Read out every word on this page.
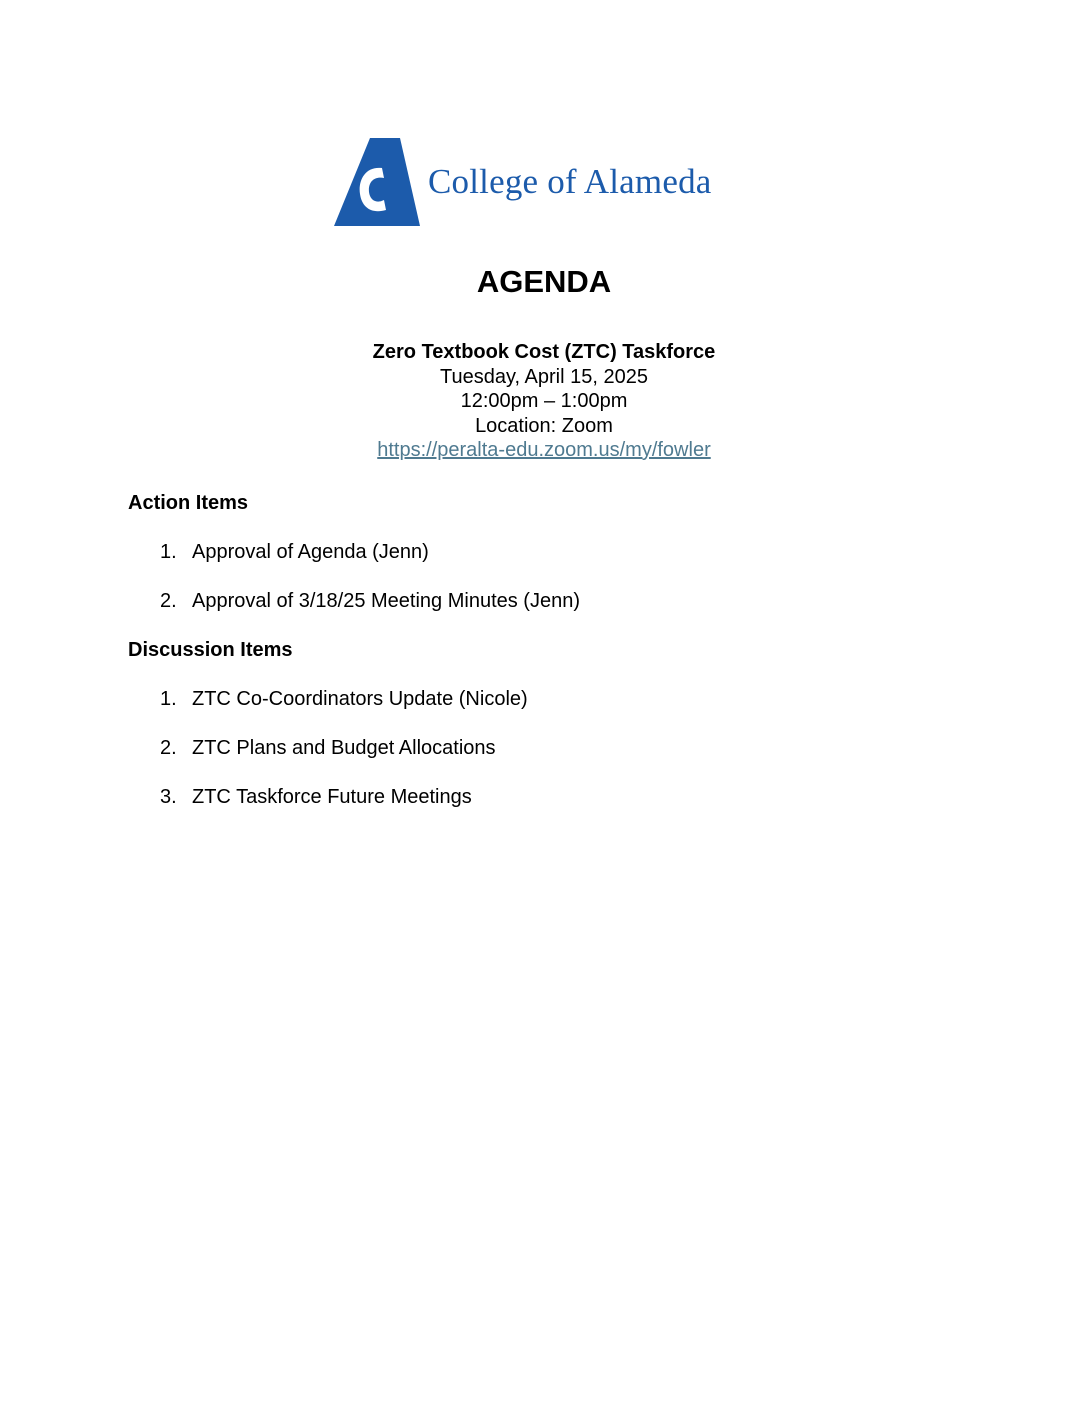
College of Alameda
AGENDA
Zero Textbook Cost (ZTC) Taskforce
Tuesday, April 15, 2025
12:00pm – 1:00pm
Location: Zoom
https://peralta-edu.zoom.us/my/fowler
Action Items
1. Approval of Agenda (Jenn)
2. Approval of 3/18/25 Meeting Minutes (Jenn)
Discussion Items
1. ZTC Co-Coordinators Update (Nicole)
2. ZTC Plans and Budget Allocations
3. ZTC Taskforce Future Meetings
